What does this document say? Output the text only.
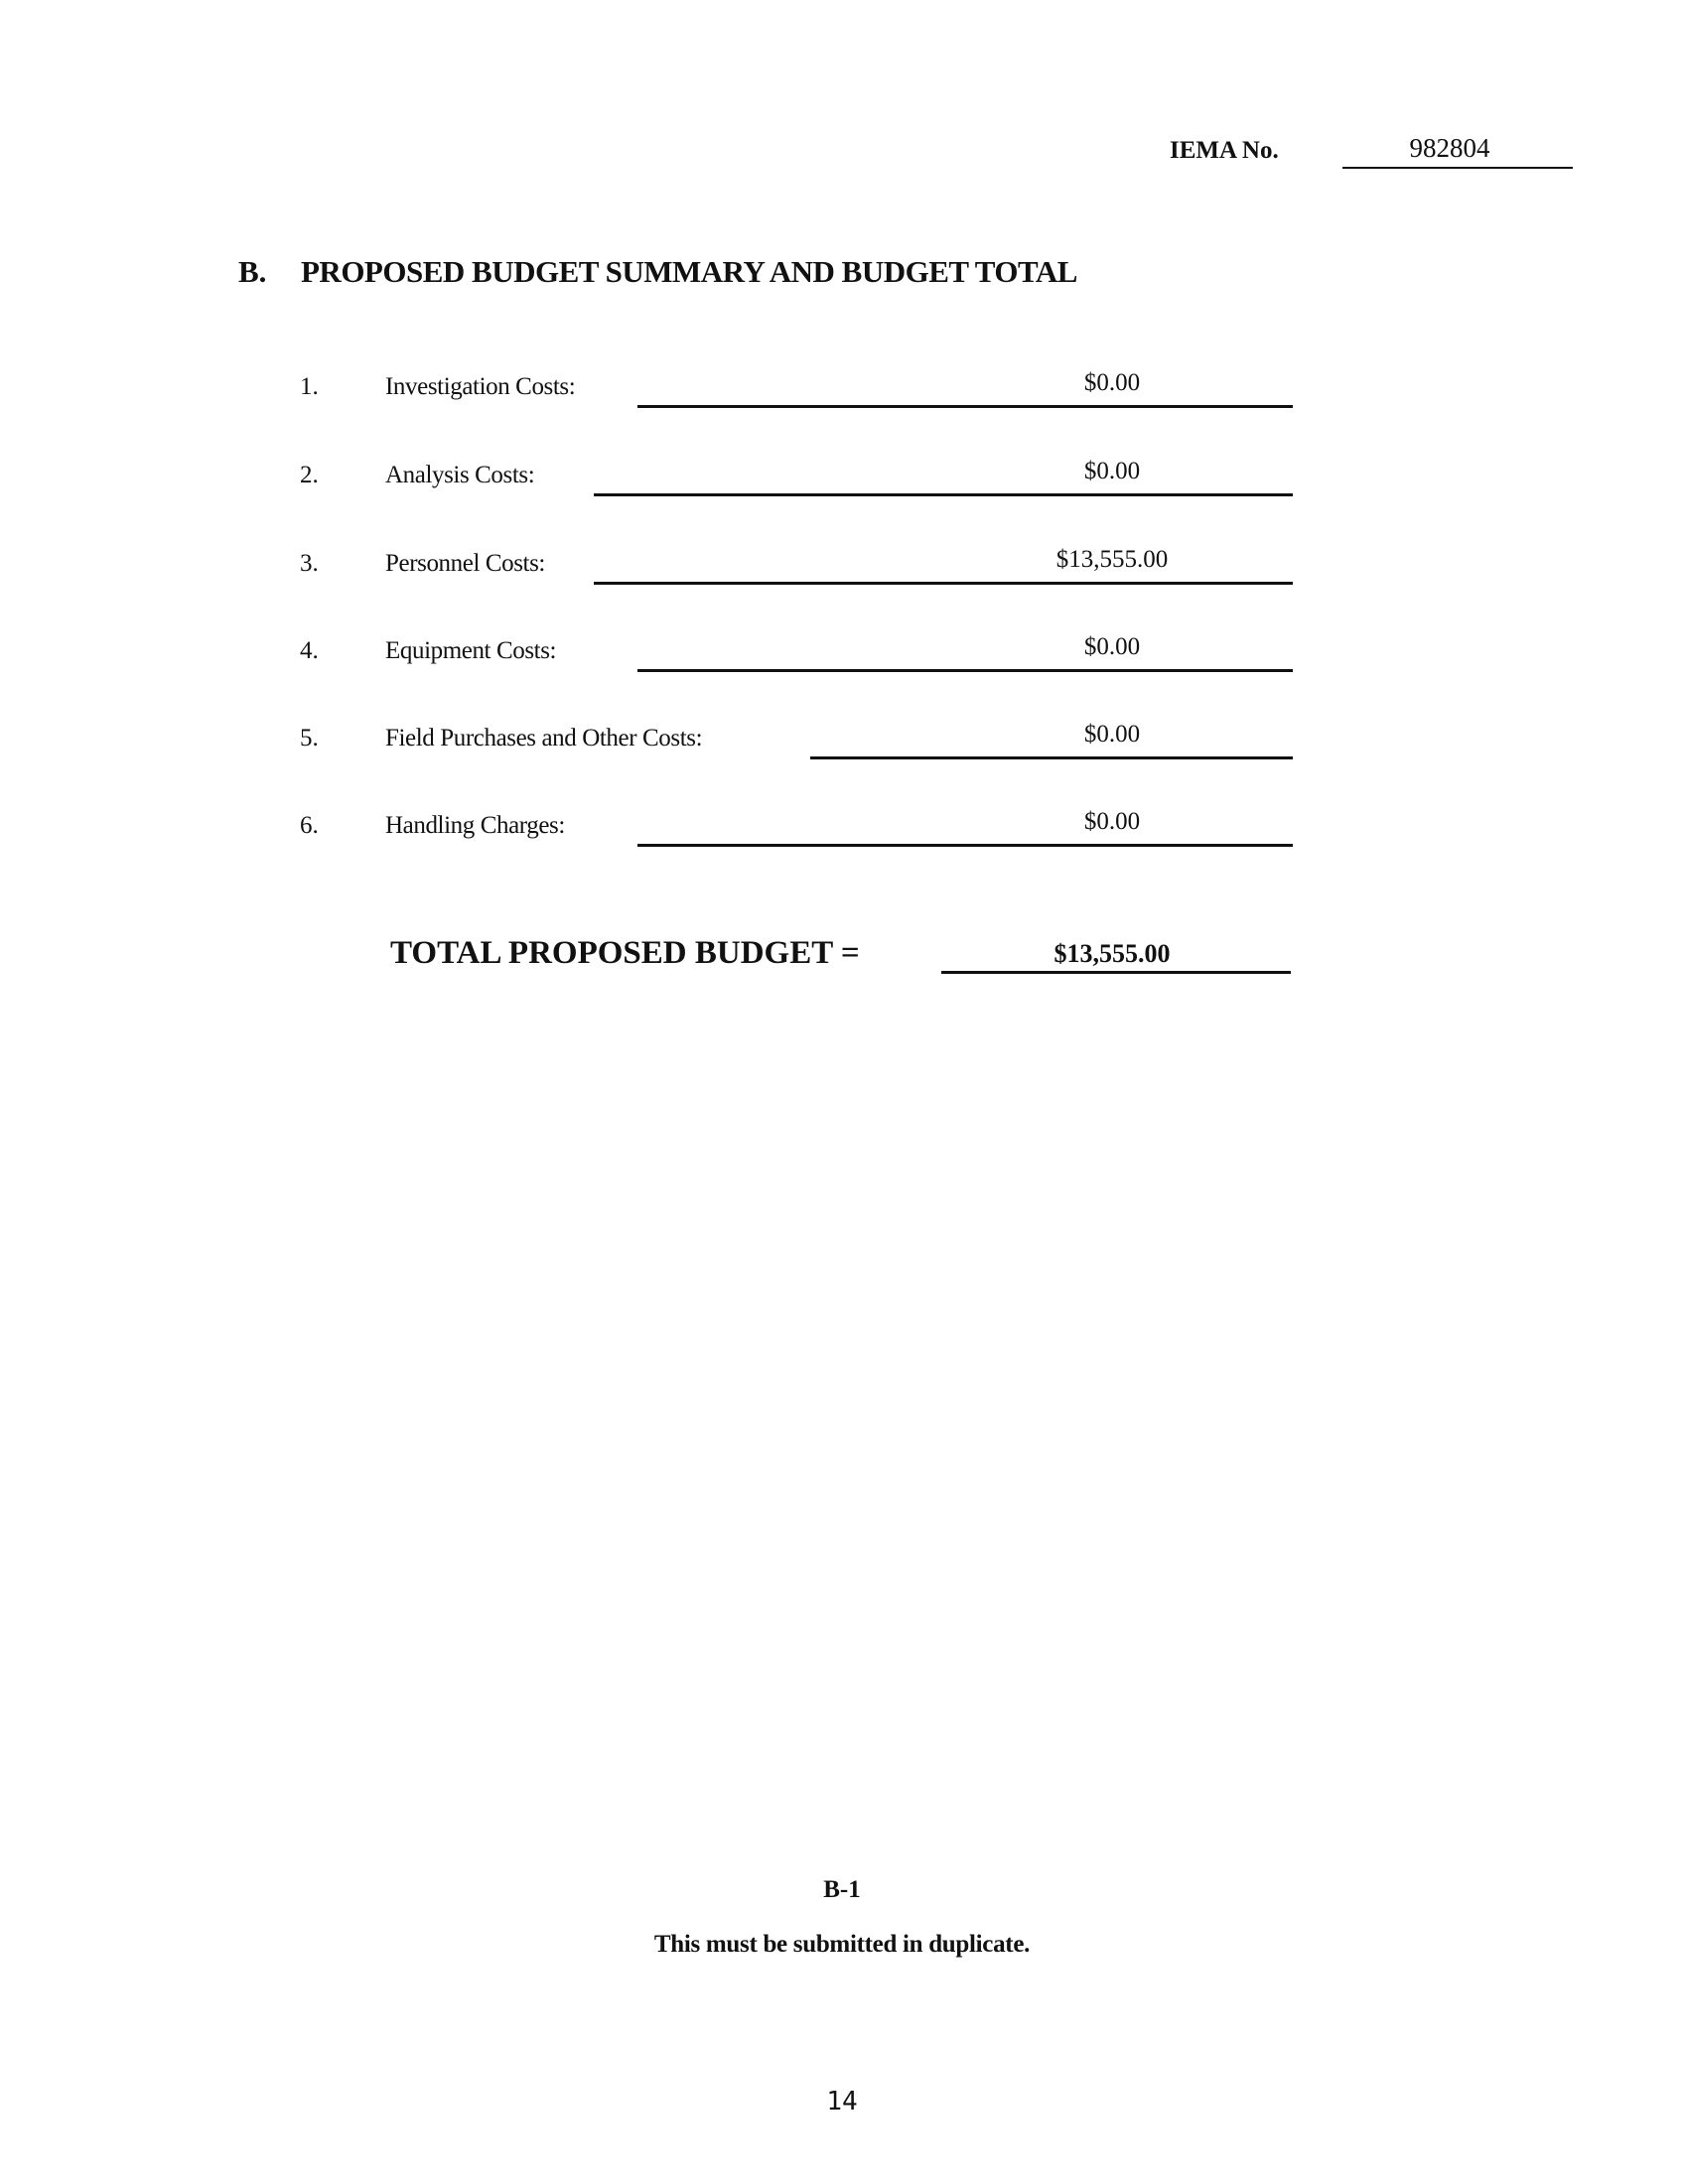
IEMA No.	982804
B. PROPOSED BUDGET SUMMARY AND BUDGET TOTAL
1.	Investigation Costs:	$0.00
2.	Analysis Costs:	$0.00
3.	Personnel Costs:	$13,555.00
4.	Equipment Costs:	$0.00
5.	Field Purchases and Other Costs:	$0.00
6.	Handling Charges:	$0.00
TOTAL PROPOSED BUDGET =	$13,555.00
B-1
This must be submitted in duplicate.
14
